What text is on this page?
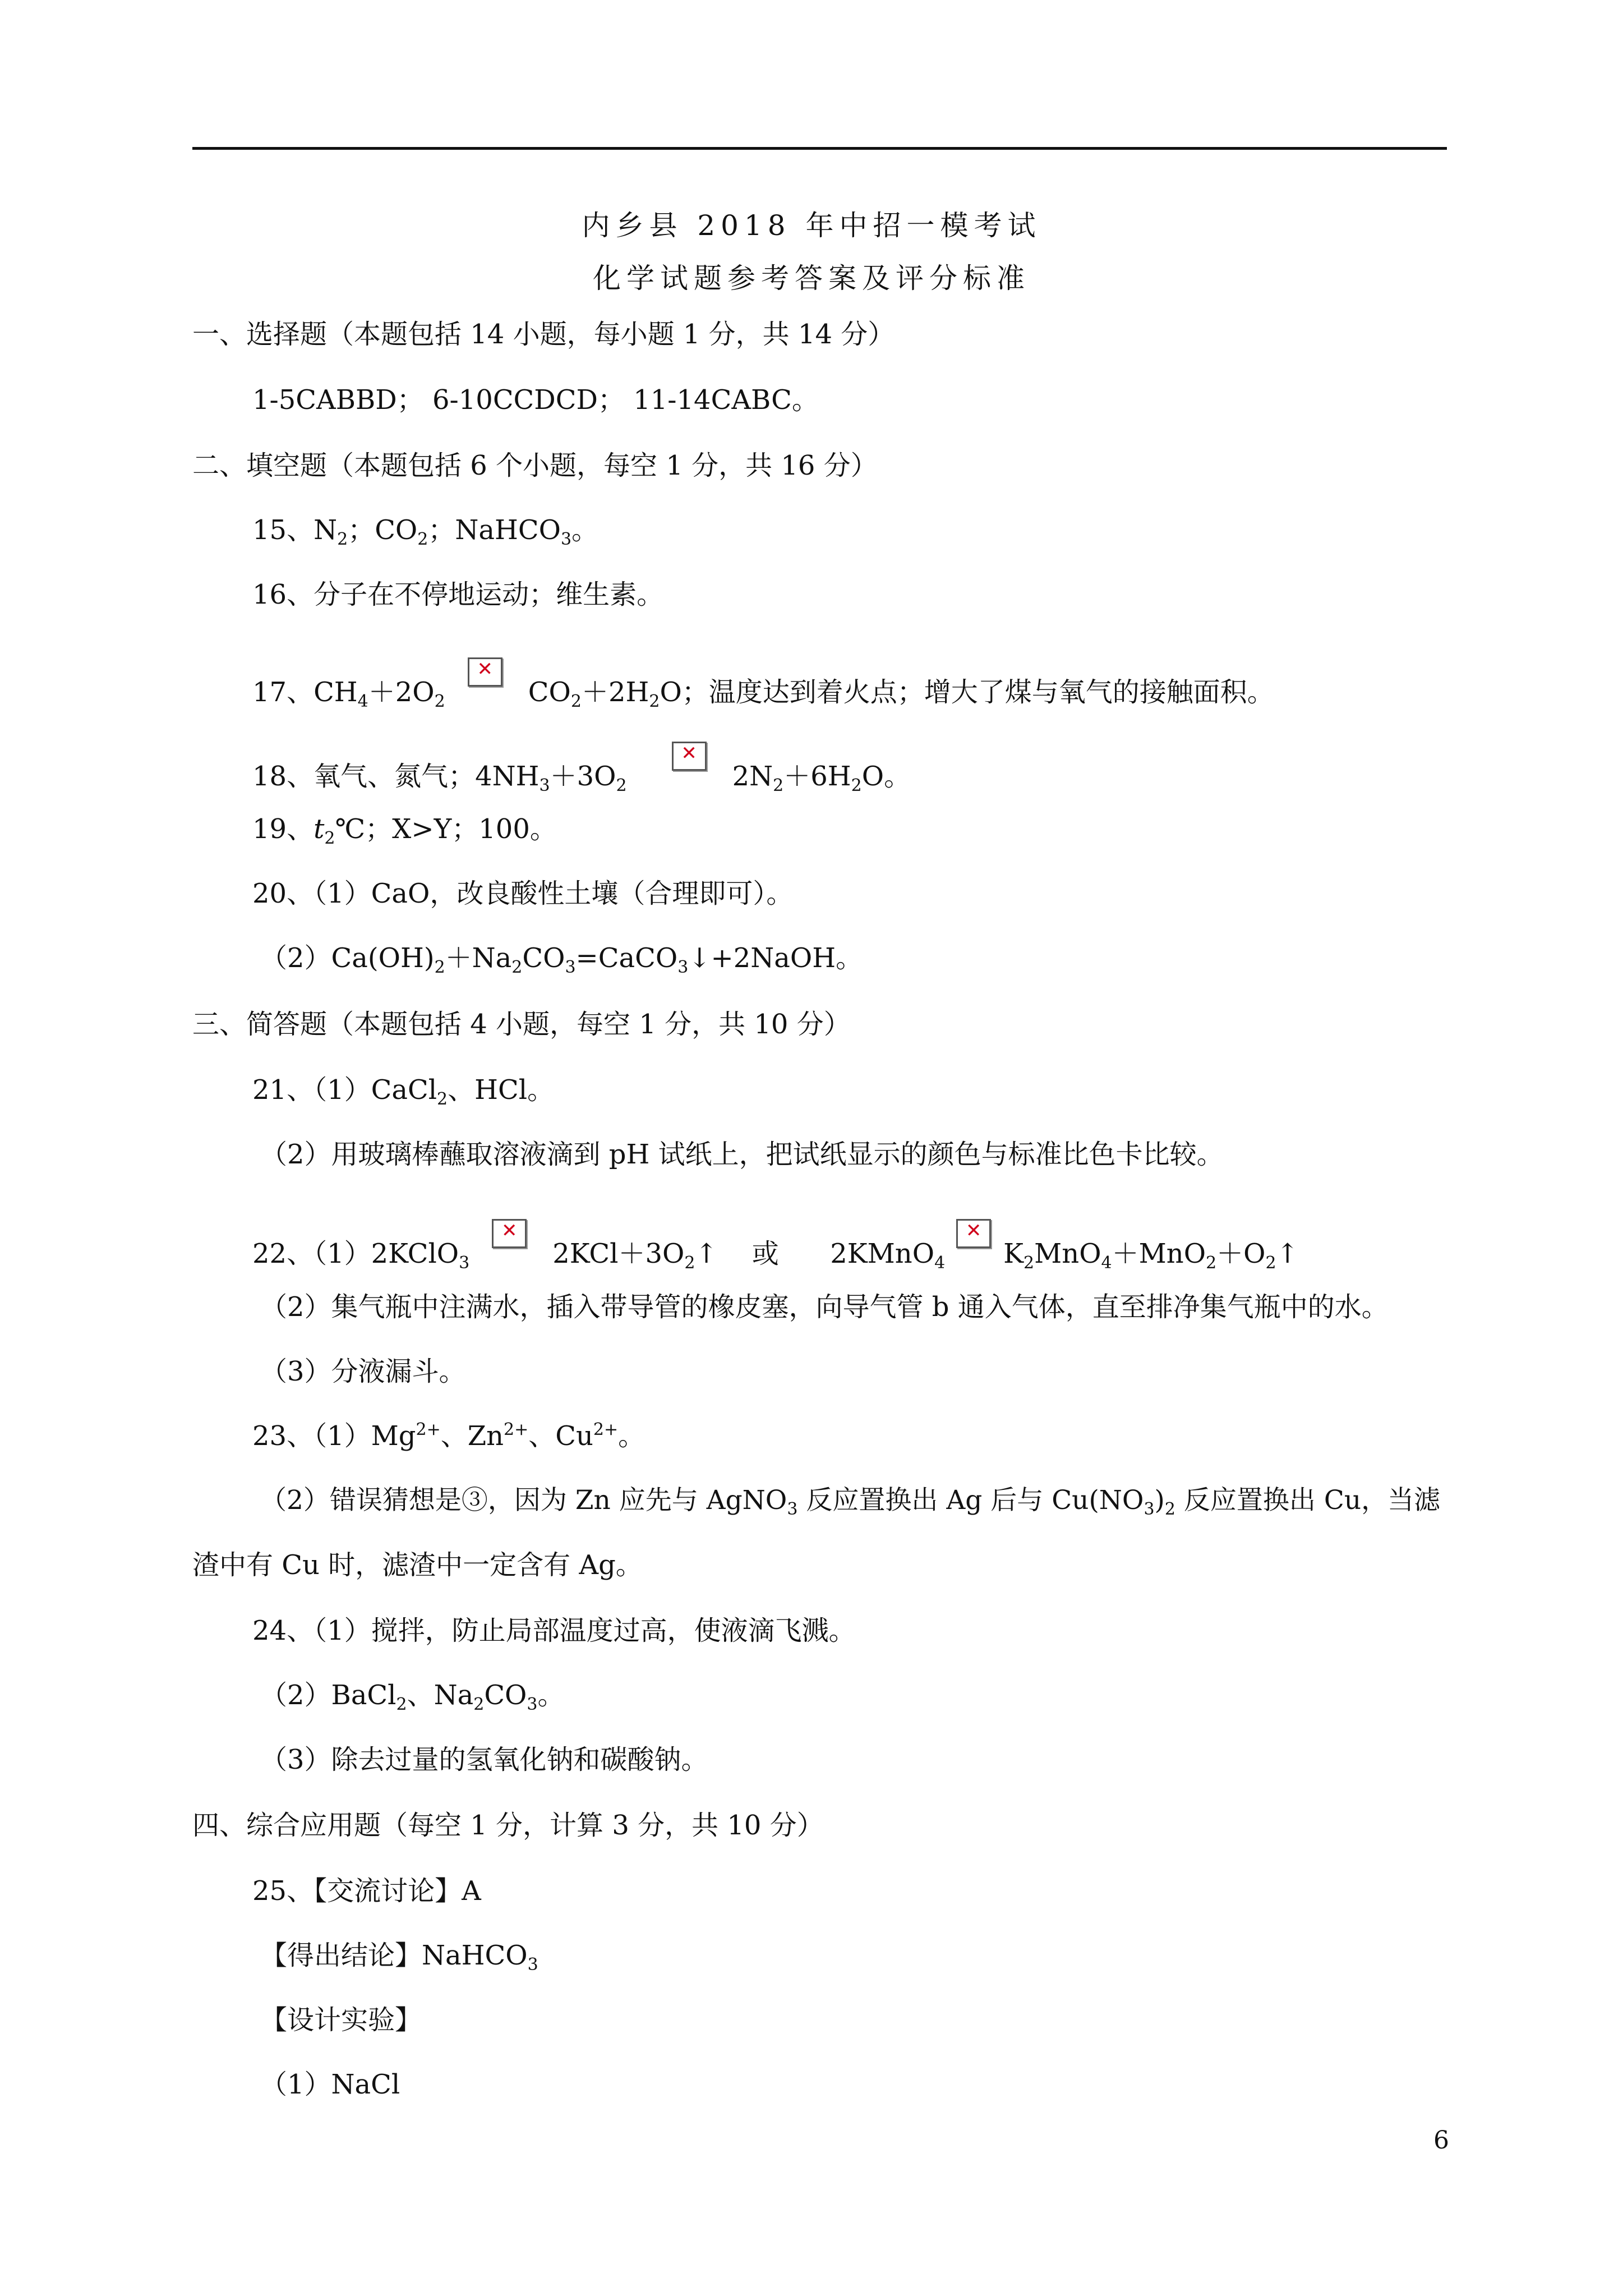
内乡县 2018 年中招一模考试
化学试题参考答案及评分标准
一、选择题（本题包括 14 小题，每小题 1 分，共 14 分）
1-5CABBD； 6-10CCDCD； 11-14CABC。
二、填空题（本题包括 6 个小题，每空 1 分，共 16 分）
15、$N_2$；$CO_2$；NaHCO$_3$。
16、分子在不停地运动；维生素。
17、$CH_4+2O_2✕$	$CO_2+2H_2O$；温度达到着火点；增大了煤与氧气的接触面积。
18、氧气、氮气；$4NH_3+3O_2✕$	$2N_2+6H_2O$。
19、$t_2℃$；X>Y；100。
20、（1）CaO，改良酸性土壤（合理即可）。
$(2)Ca(OH)_2+Na_2CO_3=CaCO_3↓+2NaOH$。
三、简答题（本题包括 4 小题，每空 1 分，共 10 分）
21、（1）CaCl$_2$、HCl。
（2）用玻璃棒蘸取溶液滴到 pH 试纸上，把试纸显示的颜色与标准比色卡比较。
22、（1）2KClO$_3$✕	$2KCl+3O_2↑$    或      2KMnO$_4$✕ $K_2MnO_4+MnO_2+O_2↑$
（2）集气瓶中注满水，插入带导管的橡皮塞，向导气管 b 通入气体，直至排净集气瓶中的水。
（3）分液漏斗。
23、$(1)Mg^{2+}$、$Zn^{2+}$、$Cu^{2+}$。
（2）错误猜想是③，因为 Zn 应先与 AgNO$_3$ 反应置换出 Ag 后与 $Cu(NO_3)_2$ 反应置换出 Cu，当滤
渣中有 Cu 时，滤渣中一定含有 Ag。
24、（1）搅拌，防止局部温度过高，使液滴飞溅。
（2）BaCl$_2$、$Na_2CO_3$。
（3）除去过量的氢氧化钠和碳酸钠。
四、综合应用题（每空 1 分，计算 3 分，共 10 分）
25、【交流讨论】A
【得出结论】NaHCO$_3$
【设计实验】
（1）NaCl
6
